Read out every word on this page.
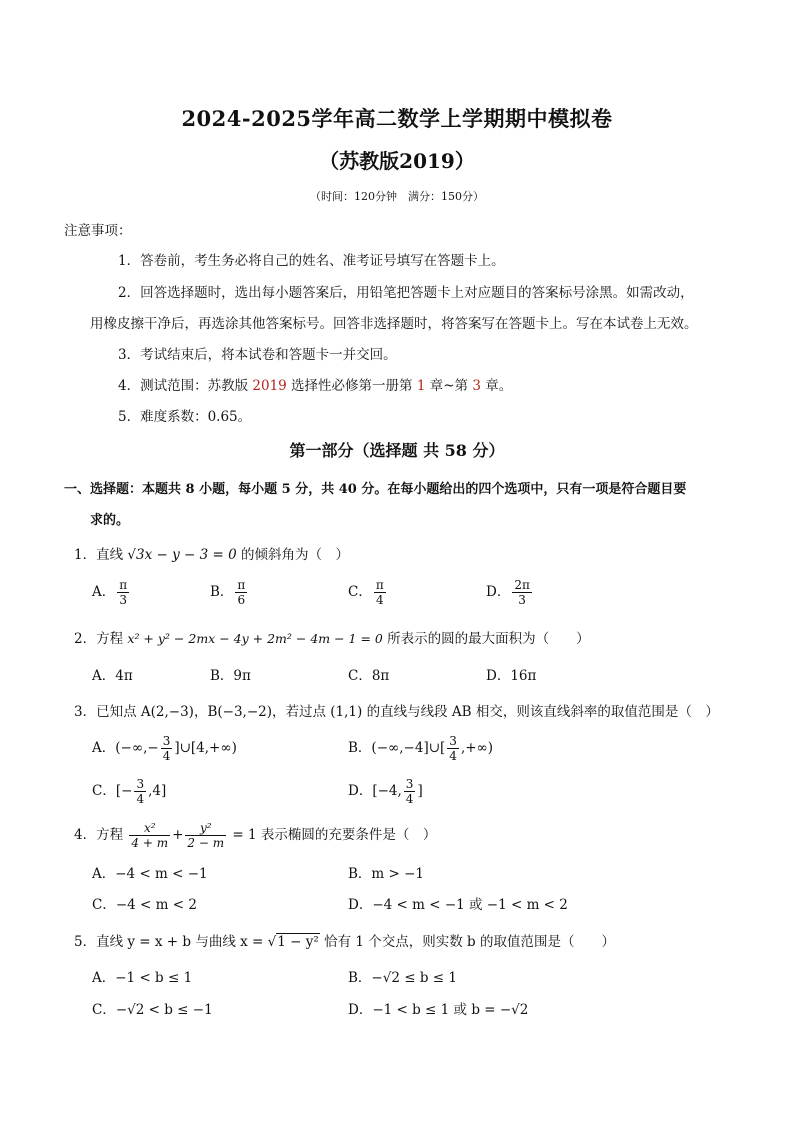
2024-2025学年高二数学上学期期中模拟卷
（苏教版2019）
（时间：120分钟　满分：150分）
注意事项：
1．答卷前，考生务必将自己的姓名、准考证号填写在答题卡上。
2．回答选择题时，选出每小题答案后，用铅笔把答题卡上对应题目的答案标号涂黑。如需改动，
用橡皮擦干净后，再选涂其他答案标号。回答非选择题时，将答案写在答题卡上。写在本试卷上无效。
3．考试结束后，将本试卷和答题卡一并交回。
4．测试范围：苏教版 2019 选择性必修第一册第 1 章~第 3 章。
5．难度系数：0.65。
第一部分（选择题 共 58 分）
一、选择题：本题共 8 小题，每小题 5 分，共 40 分。在每小题给出的四个选项中，只有一项是符合题目要
求的。
1．直线 √3x − y − 3 = 0 的倾斜角为（　）
A． $\frac{\pi}{3}$	B． $\frac{\pi}{6}$	C． $\frac{\pi}{4}$	D． $\frac{2\pi}{3}$
2．方程 x² + y² − 2mx − 4y + 2m² − 4m − 1 = 0 所表示的圆的最大面积为（　　）
A．4π	B．9π	C．8π	D．16π
3．已知点 A(2,−3)，B(−3,−2)，若过点 (1,1) 的直线与线段 AB 相交，则该直线斜率的取值范围是（　）
A．(−∞,− $\frac{3}{4}$ ]∪[4,+∞)	B．(−∞,−4]∪[ $\frac{3}{4}$ ,+∞)
C．[− $\frac{3}{4} ,4$]	D．[−4, $\frac{3}{4}$ ]
4．方程 $\frac{\text{x²}}{4 + m} + \frac{\text{y²}}{2 - m} = 1$ 表示椭圆的充要条件是（　）
A．−4 < m < −1	B．m > −1
C．−4 < m < 2	D．−4 < m < −1 或 −1 < m < 2
5．直线 y = x + b 与曲线 x = √1 − y² 恰有 1 个交点，则实数 b 的取值范围是（　　）
A．−1 < b ≤ 1	B．−√2 ≤ b ≤ 1
C．−√2 < b ≤ −1	D．−1 < b ≤ 1 或 b = −√2
